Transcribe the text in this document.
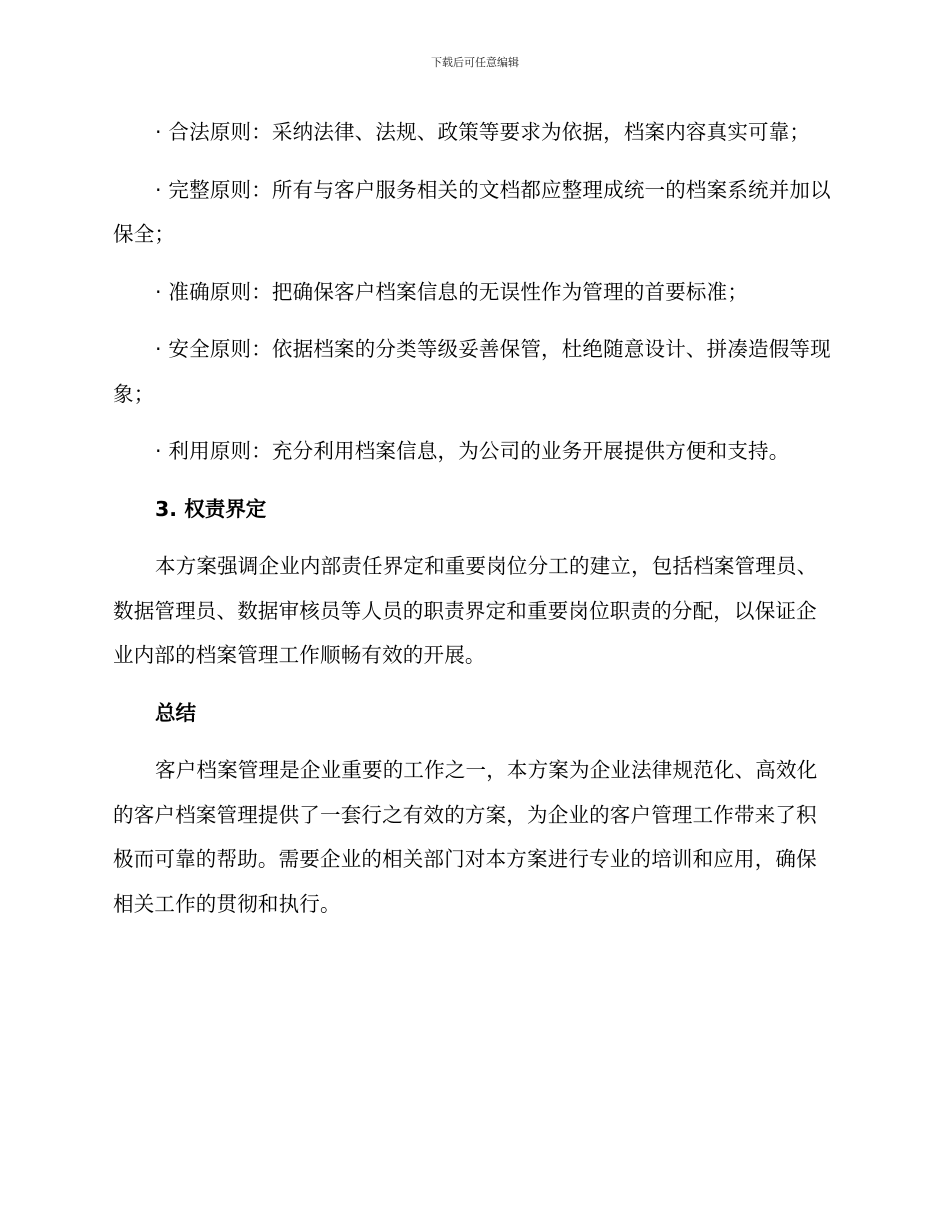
下载后可任意编辑

· 合法原则：采纳法律、法规、政策等要求为依据，档案内容真实可靠；

· 完整原则：所有与客户服务相关的文档都应整理成统一的档案系统并加以保全；

· 准确原则：把确保客户档案信息的无误性作为管理的首要标准；

· 安全原则：依据档案的分类等级妥善保管，杜绝随意设计、拼凑造假等现象；

· 利用原则：充分利用档案信息，为公司的业务开展提供方便和支持。

3. 权责界定

本方案强调企业内部责任界定和重要岗位分工的建立，包括档案管理员、数据管理员、数据审核员等人员的职责界定和重要岗位职责的分配，以保证企业内部的档案管理工作顺畅有效的开展。

总结

客户档案管理是企业重要的工作之一，本方案为企业法律规范化、高效化的客户档案管理提供了一套行之有效的方案，为企业的客户管理工作带来了积极而可靠的帮助。需要企业的相关部门对本方案进行专业的培训和应用，确保相关工作的贯彻和执行。
